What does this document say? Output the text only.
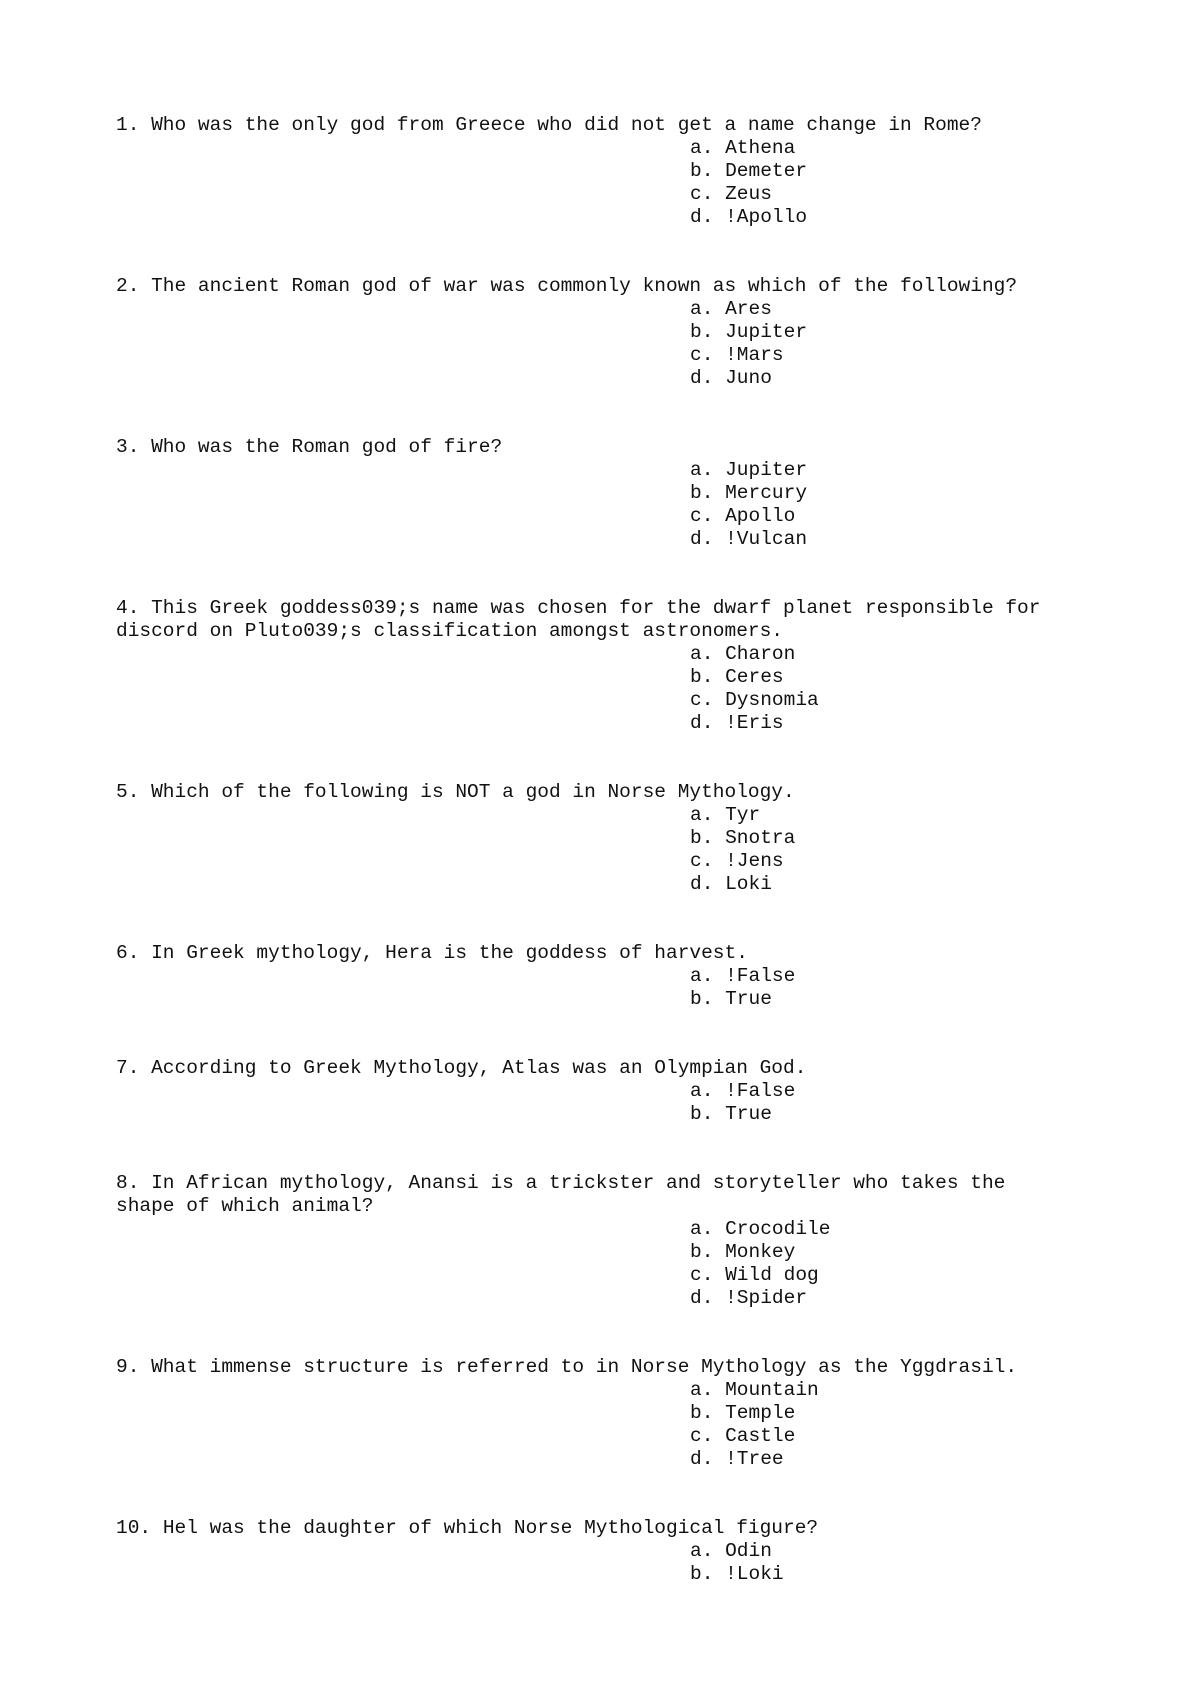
1. Who was the only god from Greece who did not get a name change in Rome?

a. Athena
b. Demeter
c. Zeus
d. !Apollo

2. The ancient Roman god of war was commonly known as which of the following?

a. Ares
b. Jupiter
c. !Mars
d. Juno

3. Who was the Roman god of fire?

a. Jupiter
b. Mercury
c. Apollo
d. !Vulcan

4. This Greek goddess039;s name was chosen for the dwarf planet responsible for
discord on Pluto039;s classification amongst astronomers.

a. Charon
b. Ceres
c. Dysnomia
d. !Eris

5. Which of the following is NOT a god in Norse Mythology.

a. Tyr
b. Snotra
c. !Jens
d. Loki

6. In Greek mythology, Hera is the goddess of harvest.

a. !False
b. True

7. According to Greek Mythology, Atlas was an Olympian God.

a. !False
b. True

8. In African mythology, Anansi is a trickster and storyteller who takes the
shape of which animal?

a. Crocodile
b. Monkey
c. Wild dog
d. !Spider

9. What immense structure is referred to in Norse Mythology as the Yggdrasil.

a. Mountain
b. Temple
c. Castle
d. !Tree

10. Hel was the daughter of which Norse Mythological figure?

a. Odin
b. !Loki
